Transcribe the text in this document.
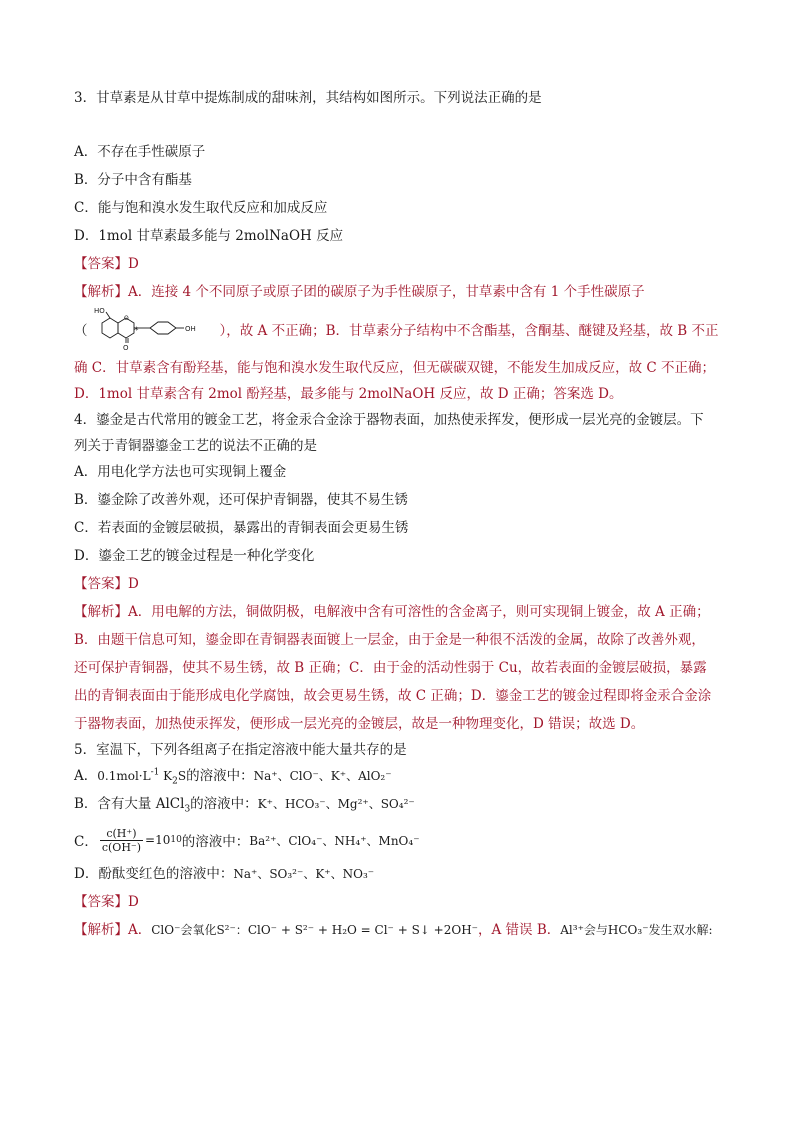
3．甘草素是从甘草中提炼制成的甜味剂，其结构如图所示。下列说法正确的是

A．不存在手性碳原子

B．分子中含有酯基

C．能与饱和溴水发生取代反应和加成反应

D．1mol 甘草素最多能与 2molNaOH 反应

【答案】D

【解析】A．连接 4 个不同原子或原子团的碳原子为手性碳原子，甘草素中含有 1 个手性碳原子

（
HO
O
O
*	OH ），故 A 不正确；B．甘草素分子结构中不含酯基，含酮基、醚键及羟基，故 B 不正

确 C．甘草素含有酚羟基，能与饱和溴水发生取代反应，但无碳碳双键，不能发生加成反应，故 C 不正确；

D．1mol 甘草素含有 2mol 酚羟基，最多能与 2molNaOH 反应，故 D 正确；答案选 D。

4．鎏金是古代常用的镀金工艺，将金汞合金涂于器物表面，加热使汞挥发，便形成一层光亮的金镀层。下

列关于青铜器鎏金工艺的说法不正确的是

A．用电化学方法也可实现铜上覆金

B．鎏金除了改善外观，还可保护青铜器，使其不易生锈

C．若表面的金镀层破损，暴露出的青铜表面会更易生锈

D．鎏金工艺的镀金过程是一种化学变化

【答案】D

【解析】A．用电解的方法，铜做阴极，电解液中含有可溶性的含金离子，则可实现铜上镀金，故 A 正确；

B．由题干信息可知，鎏金即在青铜器表面镀上一层金，由于金是一种很不活泼的金属，故除了改善外观，

还可保护青铜器，使其不易生锈，故 B 正确；C．由于金的活动性弱于 Cu，故若表面的金镀层破损，暴露

出的青铜表面由于能形成电化学腐蚀，故会更易生锈，故 C 正确；D．鎏金工艺的镀金过程即将金汞合金涂

于器物表面，加热使汞挥发，便形成一层光亮的金镀层，故是一种物理变化，D 错误；故选 D。

5．室温下，下列各组离子在指定溶液中能大量共存的是

A．$0.1mol\cdot L^{-1}$ $K_2S$的溶液中：Na⁺、ClO⁻、K⁺、AlO₂⁻

B．含有大量 AlCl$_3$的溶液中：K⁺、HCO₃⁻、Mg²⁺、SO₄²⁻

C． $\frac{c(H^+)}{c(OH^-)} =10$ 10 的溶液中： Ba²⁺、ClO₄⁻、NH₄⁺、MnO₄⁻

D．酚酞变红色的溶液中：Na⁺、SO₃²⁻、K⁺、NO₃⁻

【答案】D

【解析】A．ClO⁻会氧化S²⁻：ClO⁻ + S²⁻ + H₂O = Cl⁻ + S↓ +2OH⁻，A 错误 B．Al³⁺会与HCO₃⁻发生双水解:
